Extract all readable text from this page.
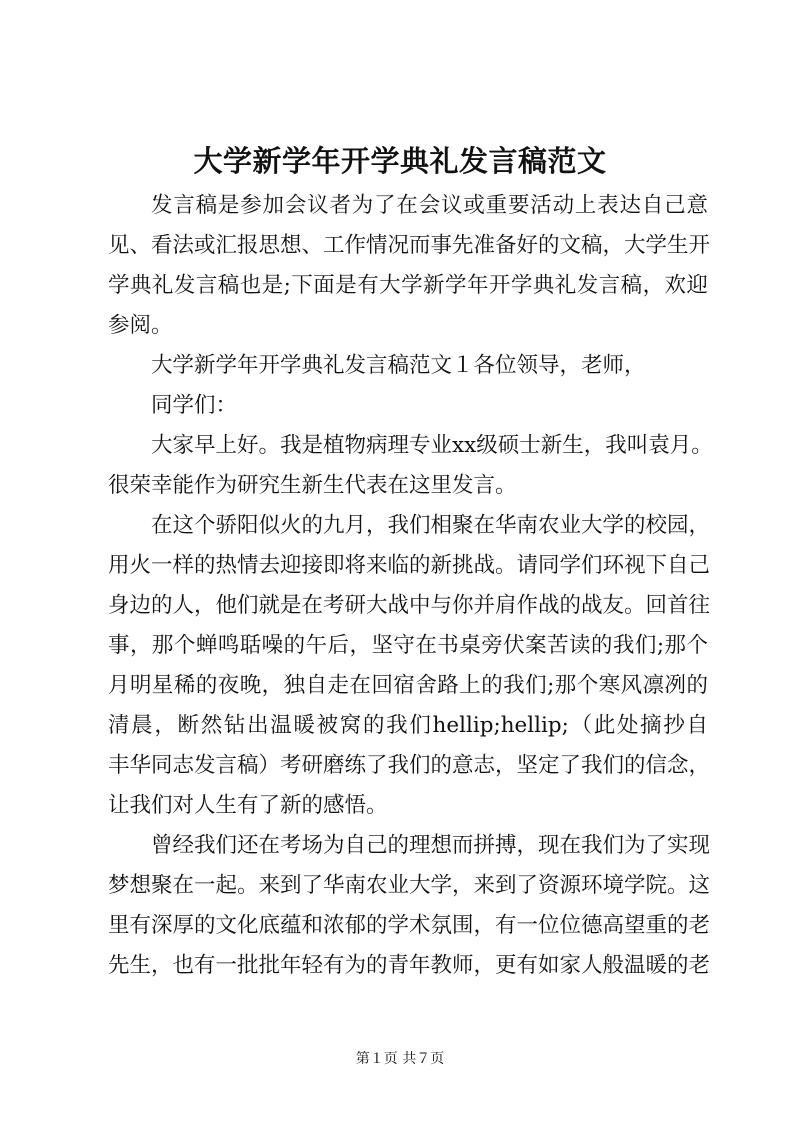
大学新学年开学典礼发言稿范文
发言稿是参加会议者为了在会议或重要活动上表达自己意
见、看法或汇报思想、工作情况而事先准备好的文稿，大学生开
学典礼发言稿也是;下面是有大学新学年开学典礼发言稿，欢迎
参阅。
大学新学年开学典礼发言稿范文１各位领导，老师，
同学们：
大家早上好。我是植物病理专业xx级硕士新生，我叫袁月。
很荣幸能作为研究生新生代表在这里发言。
在这个骄阳似火的九月，我们相聚在华南农业大学的校园，
用火一样的热情去迎接即将来临的新挑战。请同学们环视下自己
身边的人，他们就是在考研大战中与你并肩作战的战友。回首往
事，那个蝉鸣聒噪的午后，坚守在书桌旁伏案苦读的我们;那个
月明星稀的夜晚，独自走在回宿舍路上的我们;那个寒风凛冽的
清晨，断然钻出温暖被窝的我们hellip;hellip;（此处摘抄自
丰华同志发言稿）考研磨练了我们的意志，坚定了我们的信念，
让我们对人生有了新的感悟。
曾经我们还在考场为自己的理想而拼搏，现在我们为了实现
梦想聚在一起。来到了华南农业大学，来到了资源环境学院。这
里有深厚的文化底蕴和浓郁的学术氛围，有一位位德高望重的老
先生，也有一批批年轻有为的青年教师，更有如家人般温暖的老
第１页 共７页
